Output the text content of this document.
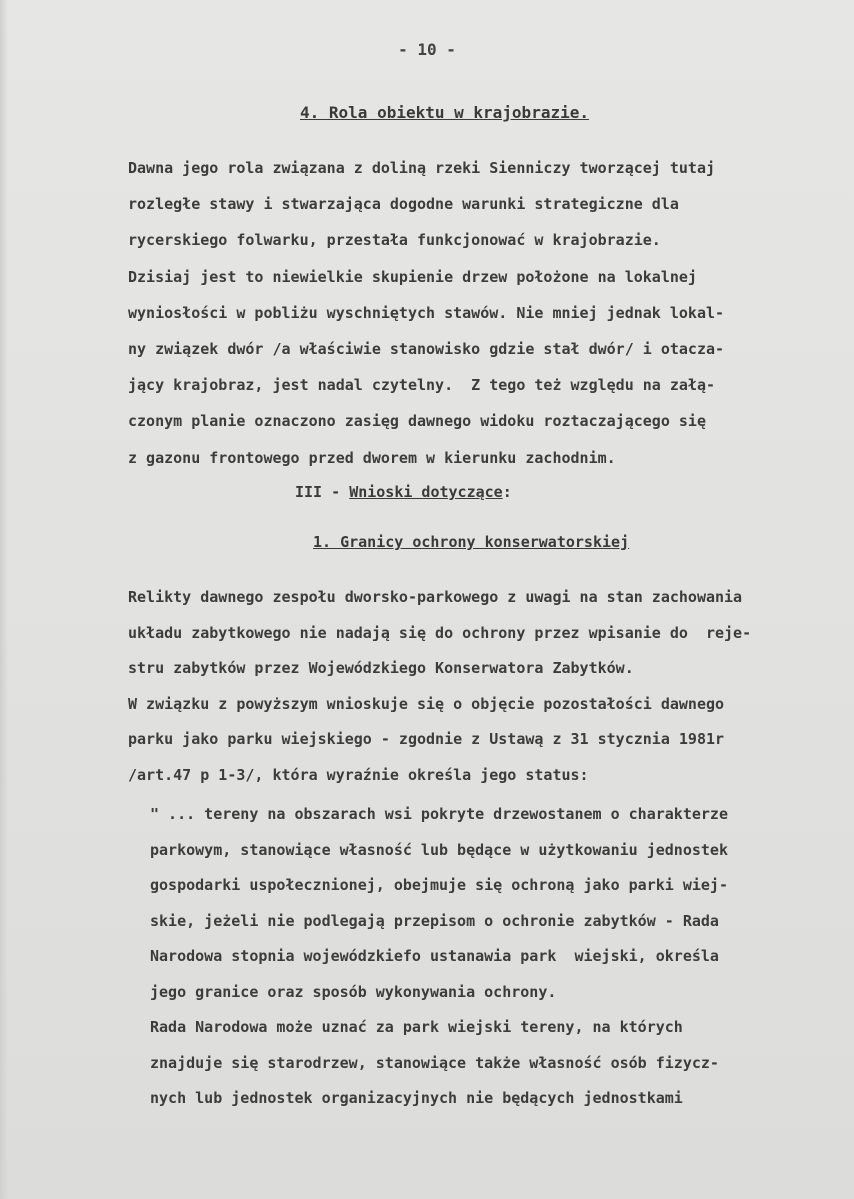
- 10 -
4. Rola obiektu w krajobrazie.

Dawna jego rola związana z doliną rzeki Sienniczy tworzącej tutaj
rozległe stawy i stwarzająca dogodne warunki strategiczne dla
rycerskiego folwarku, przestała funkcjonować w krajobrazie.
Dzisiaj jest to niewielkie skupienie drzew położone na lokalnej
wyniosłości w pobliżu wyschniętych stawów. Nie mniej jednak lokal-
ny związek dwór /a właściwie stanowisko gdzie stał dwór/ i otacza-
jący krajobraz, jest nadal czytelny.  Z tego też względu na załą-
czonym planie oznaczono zasięg dawnego widoku roztaczającego się
z gazonu frontowego przed dworem w kierunku zachodnim.

III - Wnioski dotyczące:
1. Granicy ochrony konserwatorskiej

Relikty dawnego zespołu dworsko-parkowego z uwagi na stan zachowania
układu zabytkowego nie nadają się do ochrony przez wpisanie do  reje-
stru zabytków przez Wojewódzkiego Konserwatora Zabytków.
W związku z powyższym wnioskuje się o objęcie pozostałości dawnego
parku jako parku wiejskiego - zgodnie z Ustawą z 31 stycznia 1981r
/art.47 p 1-3/, która wyraźnie określa jego status:

" ... tereny na obszarach wsi pokryte drzewostanem o charakterze
parkowym, stanowiące własność lub będące w użytkowaniu jednostek
gospodarki uspołecznionej, obejmuje się ochroną jako parki wiej-
skie, jeżeli nie podlegają przepisom o ochronie zabytków - Rada
Narodowa stopnia wojewódzkiefo ustanawia park  wiejski, określa
jego granice oraz sposób wykonywania ochrony.
Rada Narodowa może uznać za park wiejski tereny, na których
znajduje się starodrzew, stanowiące także własność osób fizycz-
nych lub jednostek organizacyjnych nie będących jednostkami
